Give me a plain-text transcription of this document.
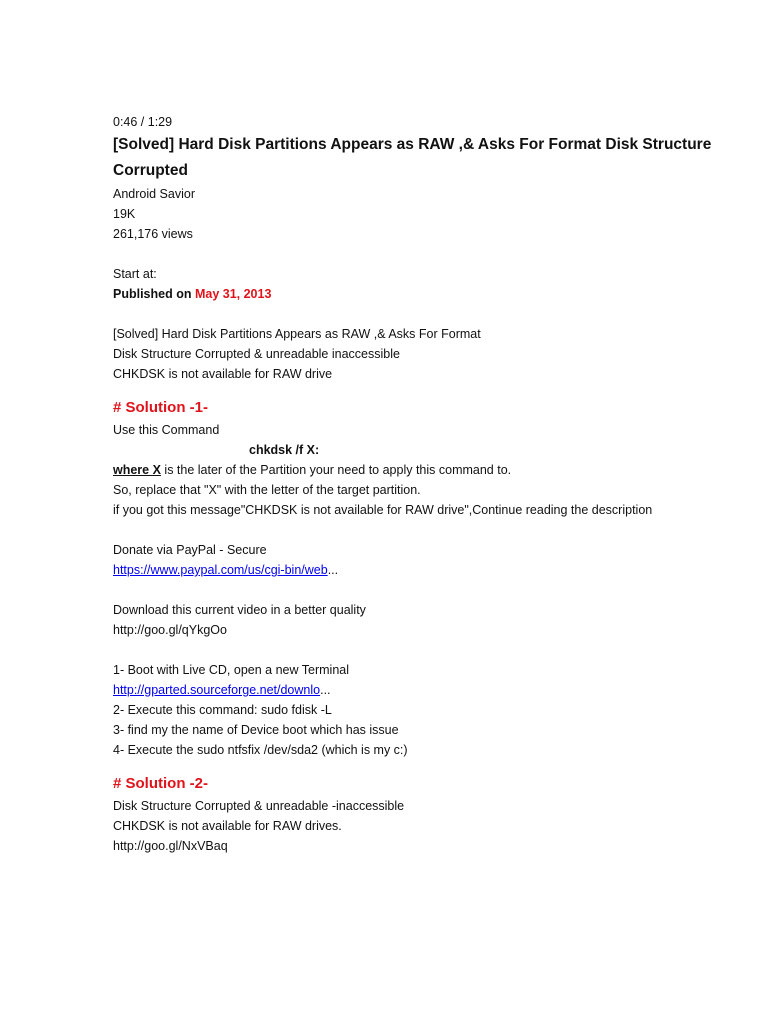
0:46 / 1:29
[Solved] Hard Disk Partitions Appears as RAW ,& Asks For Format Disk Structure Corrupted
Android Savior
19K
261,176 views
Start at:
Published on May 31, 2013
[Solved] Hard Disk Partitions Appears as RAW ,& Asks For Format
Disk Structure Corrupted & unreadable inaccessible
CHKDSK is not available for RAW drive
# Solution -1-
Use this Command
chkdsk /f X:
where X is the later of the Partition your need to apply this command to.
So, replace that "X" with the letter of the target partition.
if you got this message"CHKDSK is not available for RAW drive",Continue reading the description
Donate via PayPal - Secure
https://www.paypal.com/us/cgi-bin/web...
Download this current video in a better quality
http://goo.gl/qYkgOo
1- Boot with Live CD, open a new Terminal
http://gparted.sourceforge.net/downlo...
2- Execute this command: sudo fdisk -L
3- find my the name of Device boot which has issue
4- Execute the sudo ntfsfix /dev/sda2 (which is my c:)
# Solution -2-
Disk Structure Corrupted & unreadable -inaccessible
CHKDSK is not available for RAW drives.
http://goo.gl/NxVBaq
